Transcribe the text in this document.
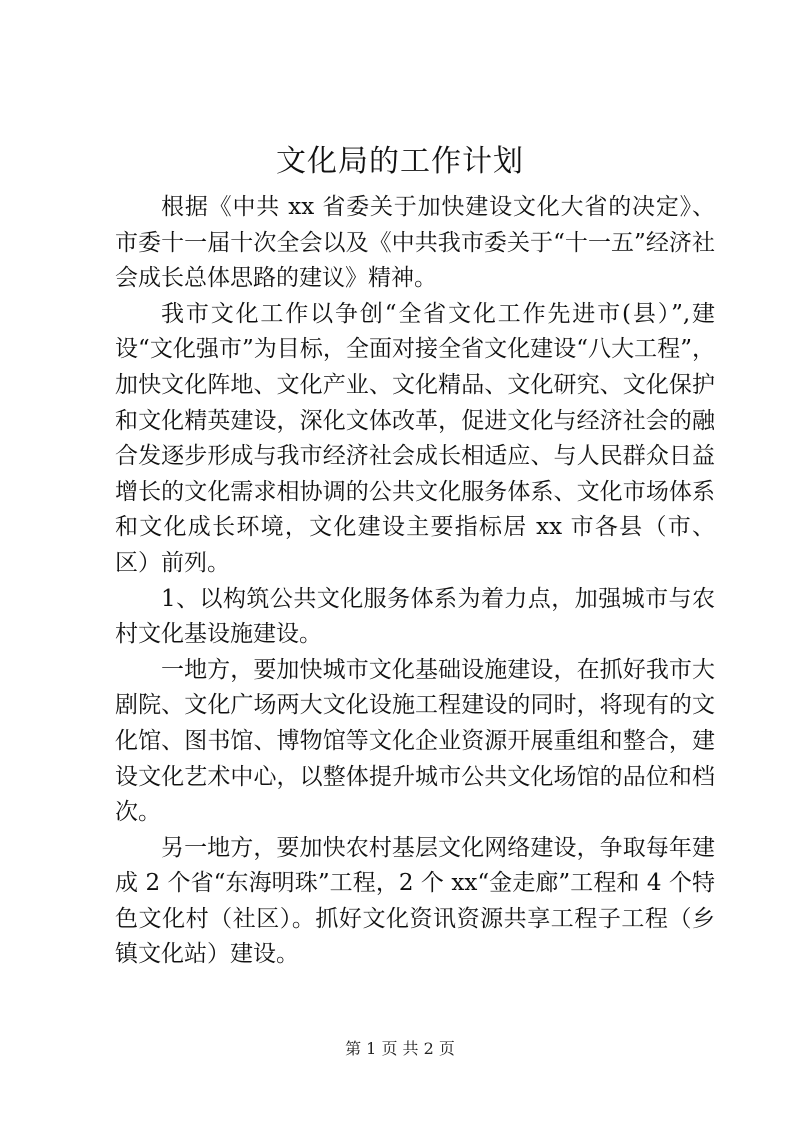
文化局的工作计划

根据《中共 xx 省委关于加快建设文化大省的决定》、市委十一届十次全会以及《中共我市委关于“十一五”经济社会成长总体思路的建议》精神。

我市文化工作以争创“全省文化工作先进市(县）”,建设“文化强市”为目标，全面对接全省文化建设“八大工程”，加快文化阵地、文化产业、文化精品、文化研究、文化保护和文化精英建设，深化文体改革，促进文化与经济社会的融合发逐步形成与我市经济社会成长相适应、与人民群众日益增长的文化需求相协调的公共文化服务体系、文化市场体系和文化成长环境，文化建设主要指标居 xx 市各县（市、区）前列。

1、以构筑公共文化服务体系为着力点，加强城市与农村文化基设施建设。

一地方，要加快城市文化基础设施建设，在抓好我市大剧院、文化广场两大文化设施工程建设的同时，将现有的文化馆、图书馆、博物馆等文化企业资源开展重组和整合，建设文化艺术中心，以整体提升城市公共文化场馆的品位和档次。

另一地方，要加快农村基层文化网络建设，争取每年建成 2 个省“东海明珠”工程，2 个 xx“金走廊”工程和 4 个特色文化村（社区）。抓好文化资讯资源共享工程子工程（乡镇文化站）建设。

第 1 页 共 2 页
